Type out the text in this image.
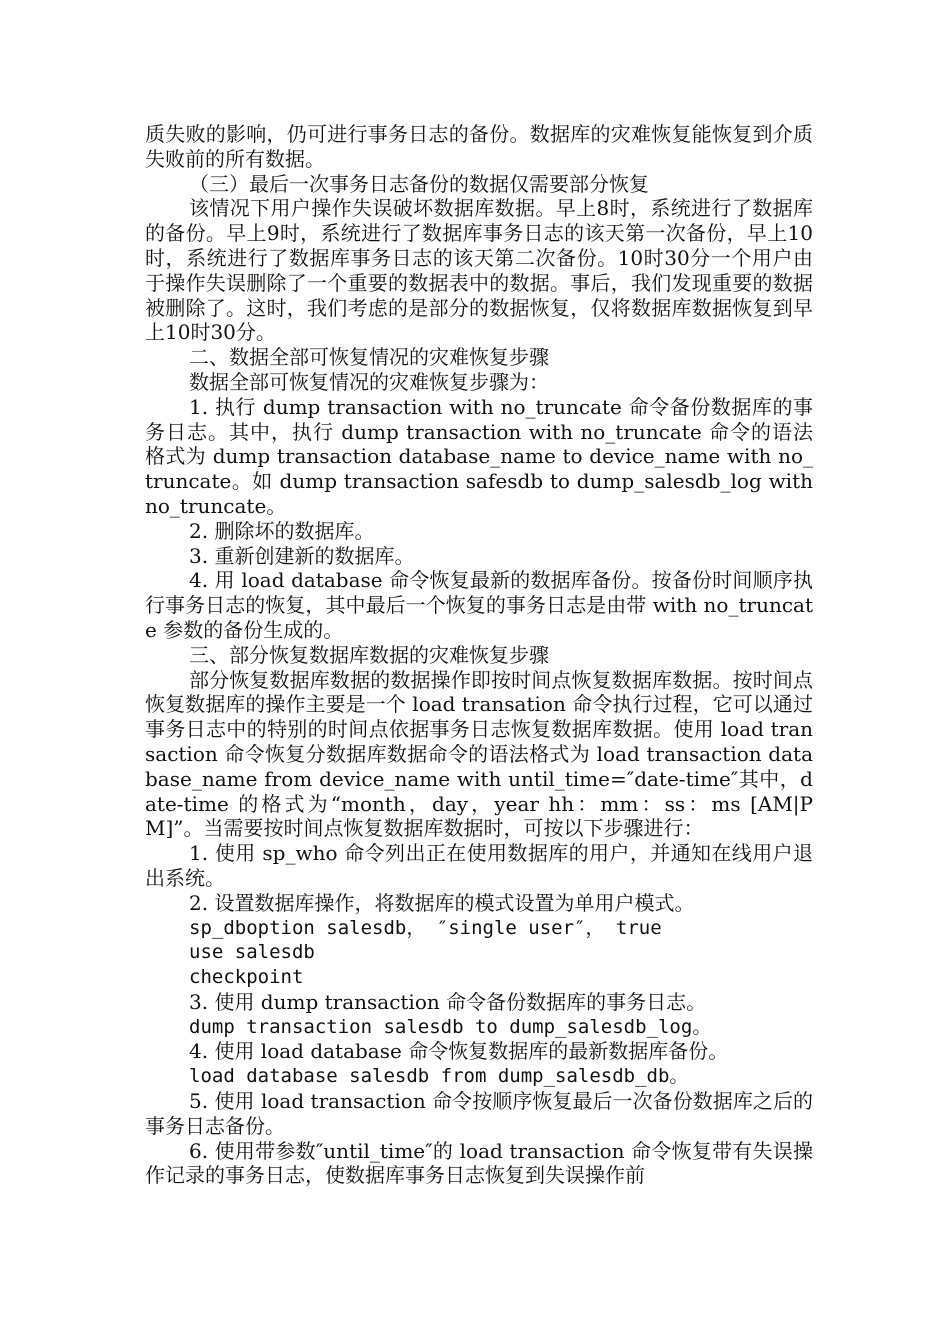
质失败的影响，仍可进行事务日志的备份。数据库的灾难恢复能恢复到介质失败前的所有数据。

（三）最后一次事务日志备份的数据仅需要部分恢复

该情况下用户操作失误破坏数据库数据。早上8时，系统进行了数据库的备份。早上9时，系统进行了数据库事务日志的该天第一次备份，早上10时，系统进行了数据库事务日志的该天第二次备份。10时30分一个用户由于操作失误删除了一个重要的数据表中的数据。事后，我们发现重要的数据被删除了。这时，我们考虑的是部分的数据恢复，仅将数据库数据恢复到早上10时30分。

二、数据全部可恢复情况的灾难恢复步骤

数据全部可恢复情况的灾难恢复步骤为：

1. 执行 dump transaction with no_truncate 命令备份数据库的事务日志。其中，执行 dump transaction with no_truncate 命令的语法格式为 dump transaction database_name to device_name with no_truncate。如 dump transaction safesdb to dump_salesdb_log with no_truncate。

2. 删除坏的数据库。

3. 重新创建新的数据库。

4. 用 load database 命令恢复最新的数据库备份。按备份时间顺序执行事务日志的恢复，其中最后一个恢复的事务日志是由带 with no_truncate 参数的备份生成的。

三、部分恢复数据库数据的灾难恢复步骤

部分恢复数据库数据的数据操作即按时间点恢复数据库数据。按时间点恢复数据库的操作主要是一个 load transation 命令执行过程，它可以通过事务日志中的特别的时间点依据事务日志恢复数据库数据。使用 load transaction 命令恢复分数据库数据命令的语法格式为 load transaction database_name from device_name with until_time=″date-time″其中，date-time 的格式为“month，day，year hh：mm：ss：ms [AM|PM]”。当需要按时间点恢复数据库数据时，可按以下步骤进行：

1. 使用 sp_who 命令列出正在使用数据库的用户，并通知在线用户退出系统。

2. 设置数据库操作，将数据库的模式设置为单用户模式。

sp_dboption salesdb， ″single user″， true

use salesdb

checkpoint

3. 使用 dump transaction 命令备份数据库的事务日志。

dump transaction salesdb to dump_salesdb_log。

4. 使用 load database 命令恢复数据库的最新数据库备份。

load database salesdb from dump_salesdb_db。

5. 使用 load transaction 命令按顺序恢复最后一次备份数据库之后的事务日志备份。

6. 使用带参数″until_time″的 load transaction 命令恢复带有失误操作记录的事务日志，使数据库事务日志恢复到失误操作前
